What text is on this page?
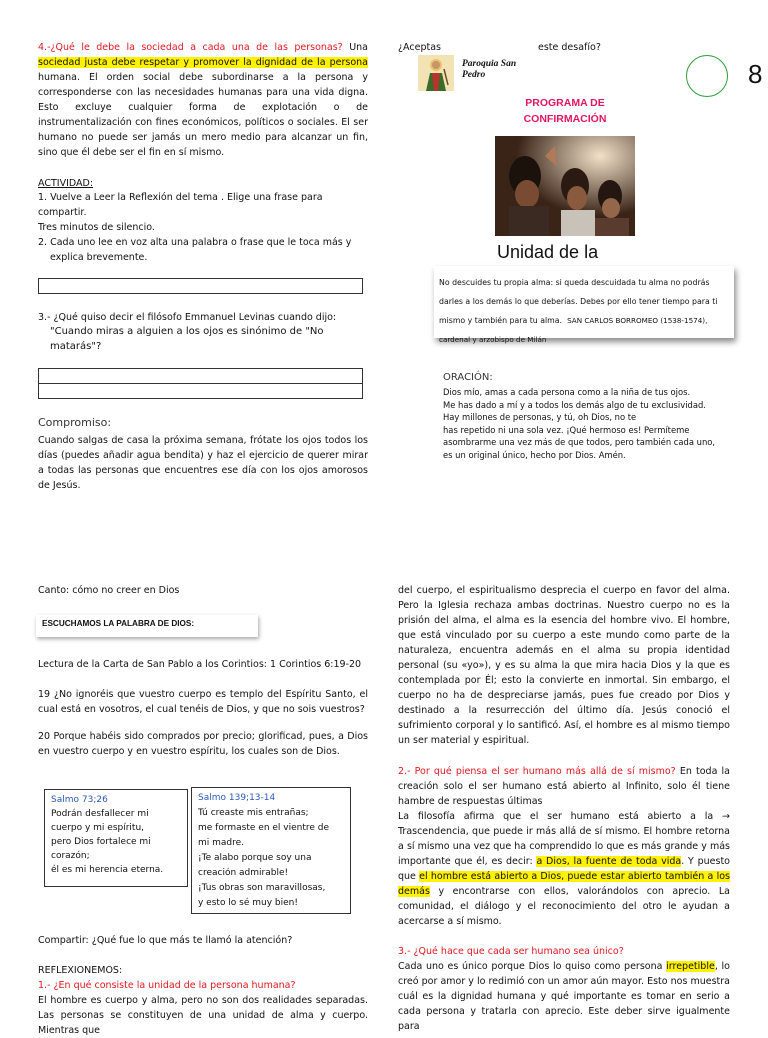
4.-¿Qué le debe la sociedad a cada una de las personas? Una sociedad justa debe respetar y promover la dignidad de la persona humana. El orden social debe subordinarse a la persona y corresponderse con las necesidades humanas para una vida digna. Esto excluye cualquier forma de explotación o de instrumentalización con fines económicos, políticos o sociales. El ser humano no puede ser jamás un mero medio para alcanzar un fin, sino que él debe ser el fin en sí mismo.
ACTIVIDAD:
1. Vuelve a Leer la Reflexión del tema . Elige una frase para compartir.
Tres minutos de silencio.
2. Cada uno lee en voz alta una palabra o frase que le toca más y explica brevemente.
3.- ¿Qué quiso decir el filósofo Emmanuel Levinas cuando dijo:
"Cuando miras a alguien a los ojos es sinónimo de "No matarás"?
Compromiso:
Cuando salgas de casa la próxima semana, frótate los ojos todos los días (puedes añadir agua bendita) y haz el ejercicio de querer mirar a todas las personas que encuentres ese día con los ojos amorosos de Jesús.
¿Aceptas	este desafío?
Paroquia San Pedro	8
PROGRAMA DE CONFIRMACIÓN
Unidad de la
No descuides tu propia alma: si queda descuidada tu alma no podrás darles a los demás lo que deberías. Debes por ello tener tiempo para ti mismo y también para tu alma. SAN CARLOS BORROMEO (1538-1574), cardenal y arzobispo de Milán
ORACIÓN:
Dios mío, amas a cada persona como a la niña de tus ojos.
Me has dado a mí y a todos los demás algo de tu exclusividad.
Hay millones de personas, y tú, oh Dios, no te
has repetido ni una sola vez. ¡Qué hermoso es! Permíteme
asombrarme una vez más de que todos, pero también cada uno,
es un original único, hecho por Dios. Amén.
Canto: cómo no creer en Dios
ESCUCHAMOS LA PALABRA DE DIOS:
Lectura de la Carta de San Pablo a los Corintios: 1 Corintios 6:19-20
19 ¿No ignoréis que vuestro cuerpo es templo del Espíritu Santo, el cual está en vosotros, el cual tenéis de Dios, y que no sois vuestros?
20 Porque habéis sido comprados por precio; glorificad, pues, a Dios en vuestro cuerpo y en vuestro espíritu, los cuales son de Dios.
Salmo 73;26
Podrán desfallecer mi
cuerpo y mi espíritu,
pero Dios fortalece mi
corazón;
él es mi herencia eterna.
Salmo 139;13-14
Tú creaste mis entrañas;
me formaste en el vientre de
mi madre.
¡Te alabo porque soy una
creación admirable!
¡Tus obras son maravillosas,
y esto lo sé muy bien!
Compartir: ¿Qué fue lo que más te llamó la atención?
REFLEXIONEMOS:
1.- ¿En qué consiste la unidad de la persona humana?
El hombre es cuerpo y alma, pero no son dos realidades separadas. Las personas se constituyen de una unidad de alma y cuerpo. Mientras que
del cuerpo, el espiritualismo desprecia el cuerpo en favor del alma. Pero la Iglesia rechaza ambas doctrinas. Nuestro cuerpo no es la prisión del alma, el alma es la esencia del hombre vivo. El hombre, que está vinculado por su cuerpo a este mundo como parte de la naturaleza, encuentra además en el alma su propia identidad personal (su «yo»), y es su alma la que mira hacia Dios y la que es contemplada por Él; esto la convierte en inmortal. Sin embargo, el cuerpo no ha de despreciarse jamás, pues fue creado por Dios y destinado a la resurrección del último día. Jesús conoció el sufrimiento corporal y lo santificó. Así, el hombre es al mismo tiempo un ser material y espiritual.
2.- Por qué piensa el ser humano más allá de sí mismo? En toda la creación solo el ser humano está abierto al Infinito, solo él tiene hambre de respuestas últimas
La filosofía afirma que el ser humano está abierto a la → Trascendencia, que puede ir más allá de sí mismo. El hombre retorna a sí mismo una vez que ha comprendido lo que es más grande y más importante que él, es decir: a Dios, la fuente de toda vida. Y puesto que el hombre está abierto a Dios, puede estar abierto también a los demás y encontrarse con ellos, valorándolos con aprecio. La comunidad, el diálogo y el reconocimiento del otro le ayudan a acercarse a sí mismo.
3.- ¿Qué hace que cada ser humano sea único?
Cada uno es único porque Dios lo quiso como persona irrepetible, lo creó por amor y lo redimió con un amor aún mayor. Esto nos muestra cuál es la dignidad humana y qué importante es tomar en serio a cada persona y tratarla con aprecio. Este deber sirve igualmente para
